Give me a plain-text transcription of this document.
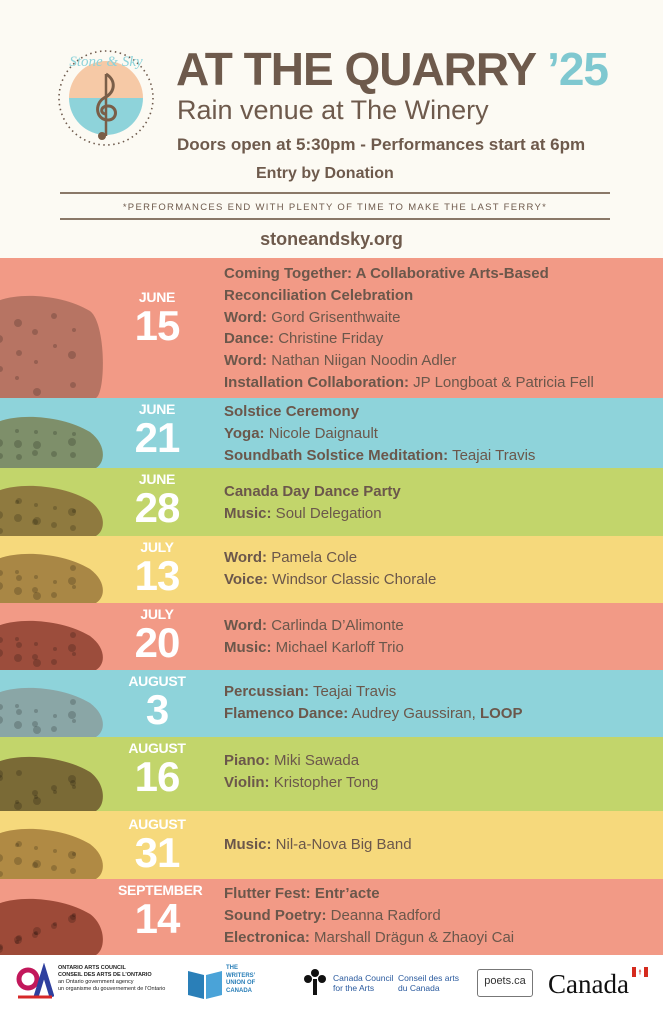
Stone & Sky AT THE QUARRY ’25
Rain venue at The Winery
Doors open at 5:30pm - Performances start at 6pm
Entry by Donation
*PERFORMANCES END WITH PLENTY OF TIME TO MAKE THE LAST FERRY*
stoneandsky.org
JUNE
15
Coming Together: A Collaborative Arts-Based
Reconciliation Celebration
Word: Gord Grisenthwaite
Dance: Christine Friday
Word: Nathan Niigan Noodin Adler
Installation Collaboration: JP Longboat & Patricia Fell
JUNE
21
Solstice Ceremony
Yoga: Nicole Daignault
Soundbath Solstice Meditation: Teajai Travis
JUNE
28	Canada Day Dance Party
Music: Soul Delegation
JULY
13	Word: Pamela Cole
Voice: Windsor Classic Chorale
JULY
20	Word: Carlinda D’Alimonte
Music: Michael Karloff Trio
AUGUST
3	Percussian: Teajai Travis
Flamenco Dance: Audrey Gaussiran, LOOP
AUGUST
16	Piano: Miki Sawada
Violin: Kristopher Tong
AUGUST
31	Music: Nil-a-Nova Big Band
SEPTEMBER
14
Flutter Fest: Entr’acte
Sound Poetry: Deanna Radford
Electronica: Marshall Drägun & Zhaoyi Cai
ONTARIO ARTS COUNCIL
CONSEIL DES ARTS DE L’ONTARIO
an Ontario government agency
un organisme du gouvernement de l’Ontario
THE
WRITERS’
UNION OF
CANADA
Canada Council
for the Arts
Conseil des arts
du Canada
poets.ca Canada
